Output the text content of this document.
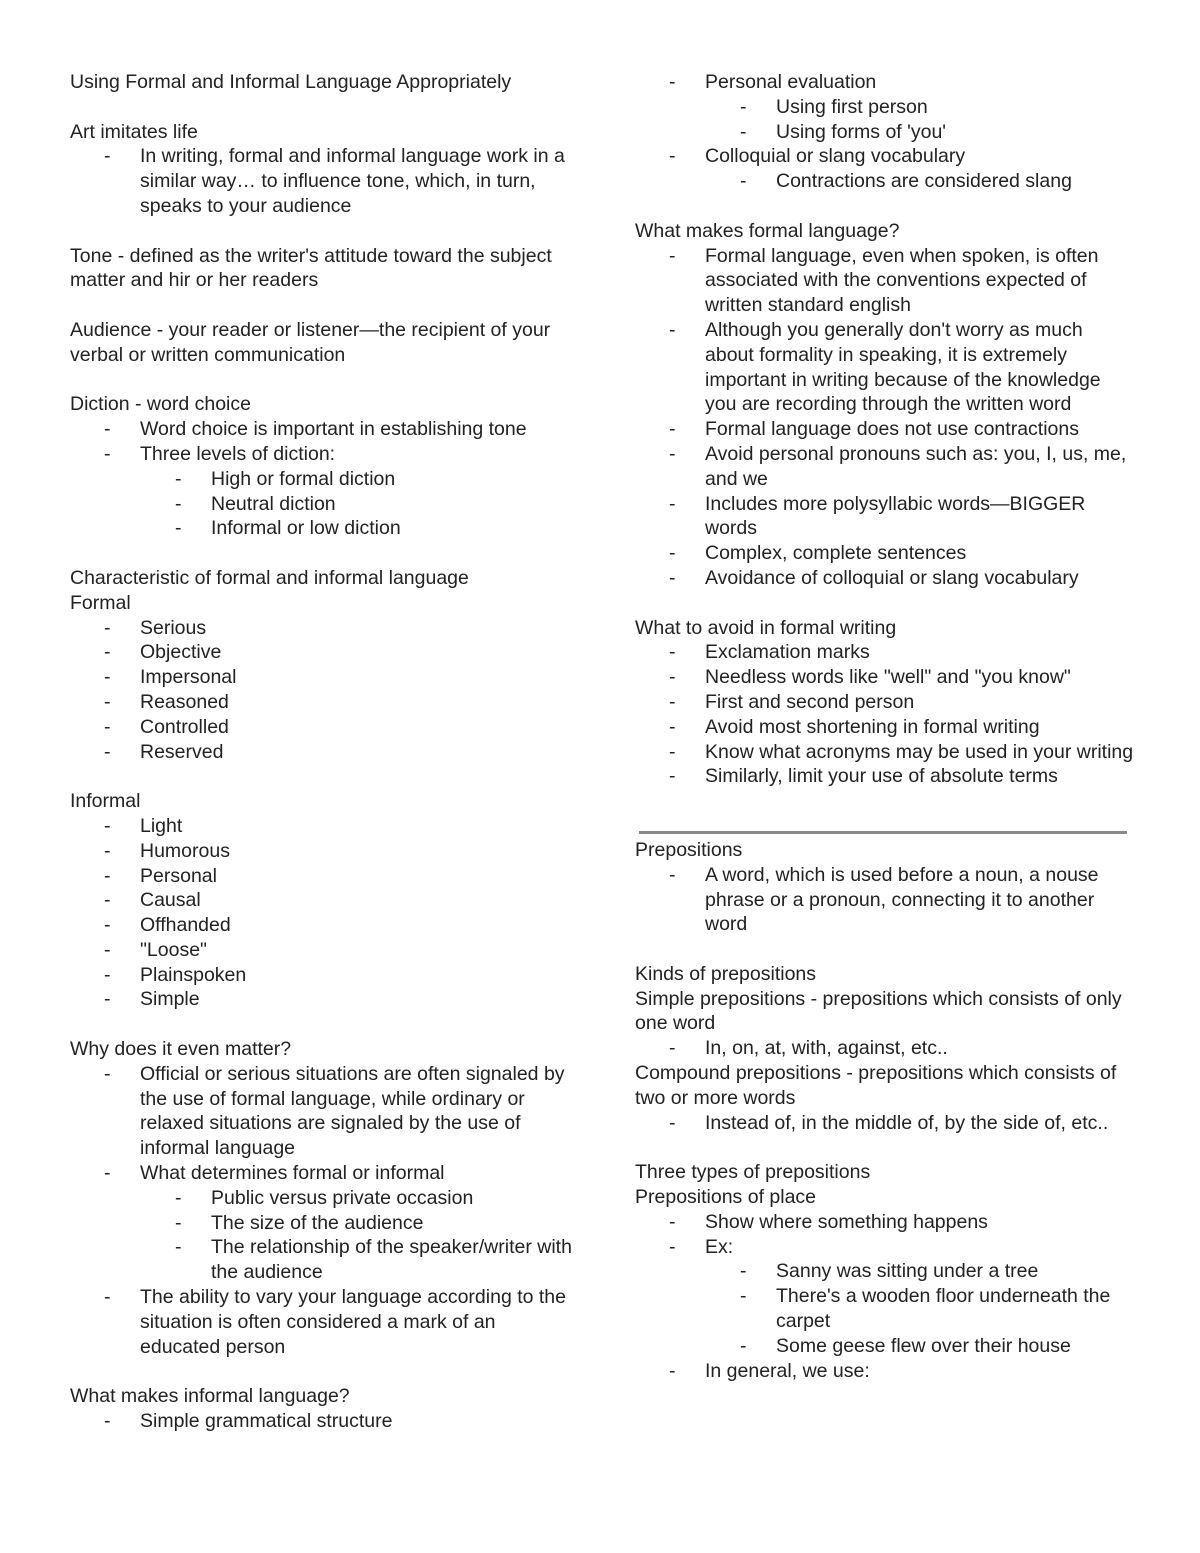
Using Formal and Informal Language Appropriately
Art imitates life
-	In writing, formal and informal language work in a similar way… to influence tone, which, in turn, speaks to your audience
Tone - defined as the writer's attitude toward the subject matter and hir or her readers
Audience - your reader or listener—the recipient of your verbal or written communication
Diction - word choice
-	Word choice is important in establishing tone
-	Three levels of diction:
-	High or formal diction
-	Neutral diction
-	Informal or low diction
Characteristic of formal and informal language
Formal
-	Serious
-	Objective
-	Impersonal
-	Reasoned
-	Controlled
-	Reserved
Informal
-	Light
-	Humorous
-	Personal
-	Causal
-	Offhanded
-	"Loose"
-	Plainspoken
-	Simple
Why does it even matter?
-	Official or serious situations are often signaled by the use of formal language, while ordinary or relaxed situations are signaled by the use of informal language
-	What determines formal or informal
-	Public versus private occasion
-	The size of the audience
-	The relationship of the speaker/writer with the audience
-	The ability to vary your language according to the situation is often considered a mark of an educated person
What makes informal language?
-	Simple grammatical structure
-	Personal evaluation
-	Using first person
-	Using forms of 'you'
-	Colloquial or slang vocabulary
-	Contractions are considered slang
What makes formal language?
-	Formal language, even when spoken, is often associated with the conventions expected of written standard english
-	Although you generally don't worry as much about formality in speaking, it is extremely important in writing because of the knowledge you are recording through the written word
-	Formal language does not use contractions
-	Avoid personal pronouns such as: you, I, us, me, and we
-	Includes more polysyllabic words—BIGGER words
-	Complex, complete sentences
-	Avoidance of colloquial or slang vocabulary
What to avoid in formal writing
-	Exclamation marks
-	Needless words like "well" and "you know"
-	First and second person
-	Avoid most shortening in formal writing
-	Know what acronyms may be used in your writing
-	Similarly, limit your use of absolute terms
Prepositions
-	A word, which is used before a noun, a nouse phrase or a pronoun, connecting it to another word
Kinds of prepositions
Simple prepositions - prepositions which consists of only one word
-	In, on, at, with, against, etc..
Compound prepositions - prepositions which consists of two or more words
-	Instead of, in the middle of, by the side of, etc..
Three types of prepositions
Prepositions of place
-	Show where something happens
-	Ex:
-	Sanny was sitting under a tree
-	There's a wooden floor underneath the carpet
-	Some geese flew over their house
-	In general, we use:
